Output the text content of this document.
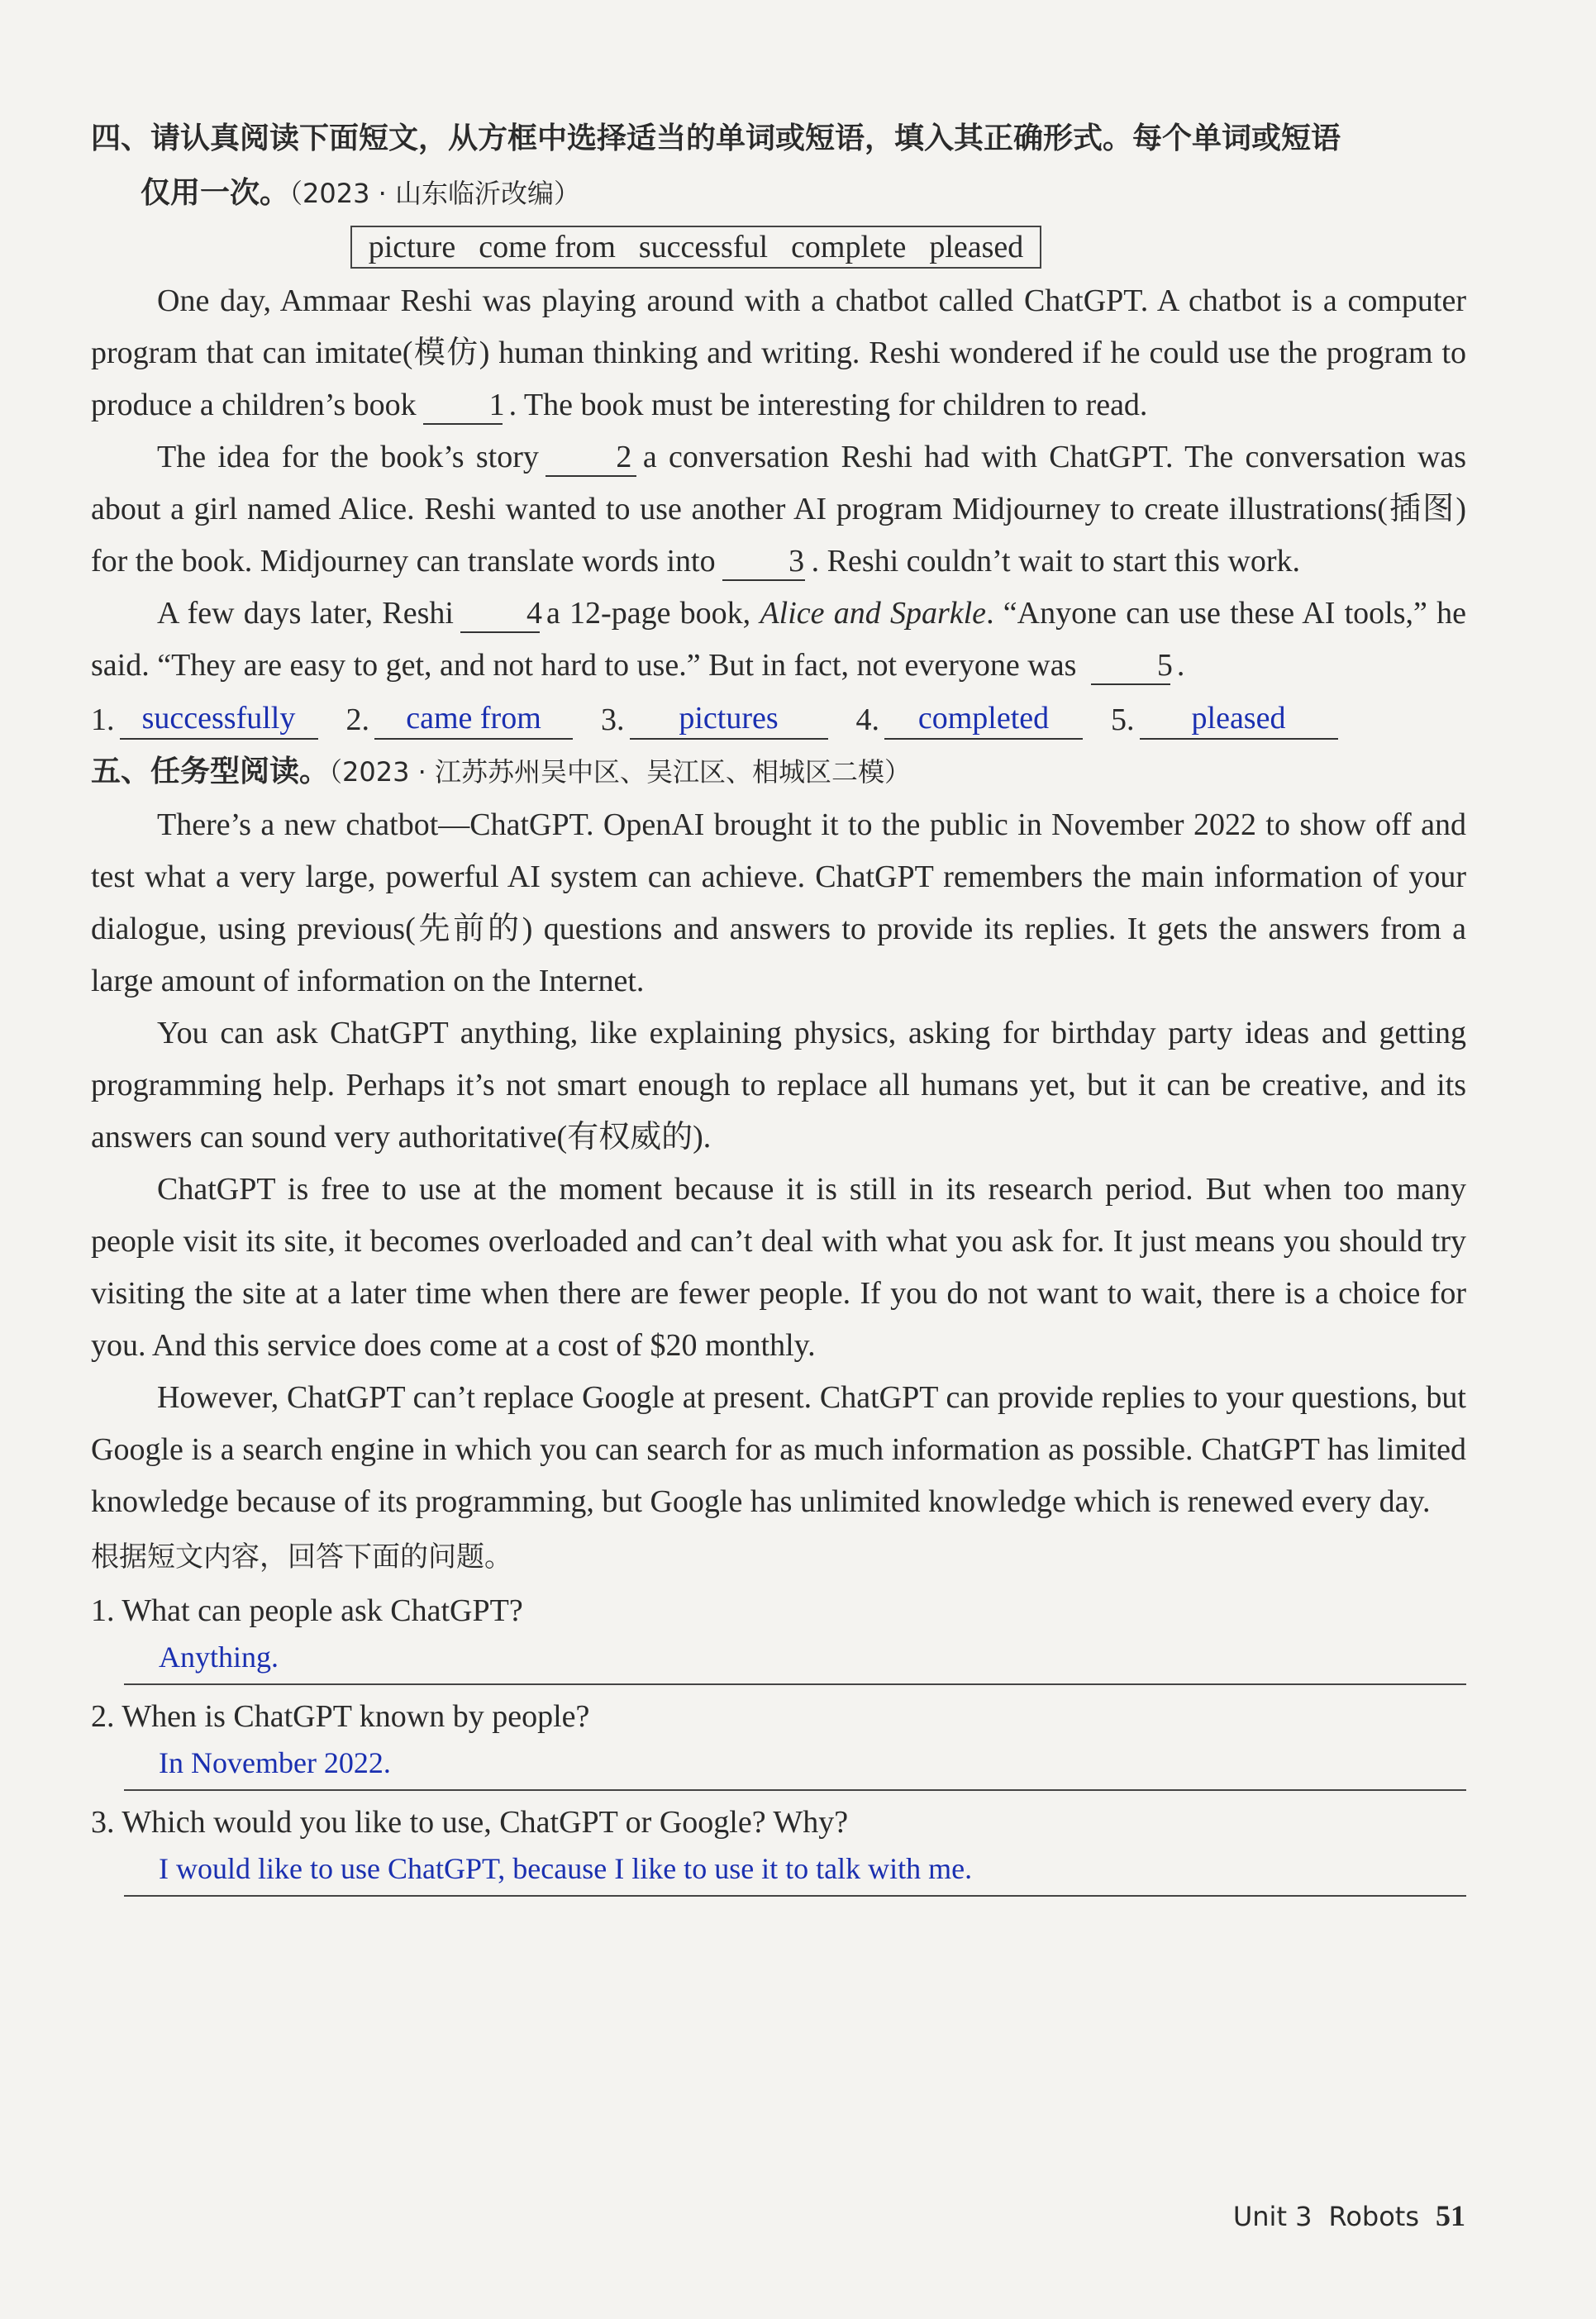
四、请认真阅读下面短文，从方框中选择适当的单词或短语，填入其正确形式。每个单词或短语
仅用一次。（2023 · 山东临沂改编）
picture come from successful complete pleased

One day, Ammaar Reshi was playing around with a chatbot called ChatGPT. A chatbot is a computer program that can imitate(模仿) human thinking and writing. Reshi wondered if he could use the program to produce a children’s book 1 . The book must be interesting for children to read.

The idea for the book’s story 2 a conversation Reshi had with ChatGPT. The conversation was about a girl named Alice. Reshi wanted to use another AI program Midjourney to create illustrations(插图) for the book. Midjourney can translate words into 3 . Reshi couldn’t wait to start this work.

A few days later, Reshi 4 a 12-page book, Alice and Sparkle. “Anyone can use these AI tools,” he said. “They are easy to get, and not hard to use.” But in fact, not everyone was	5 .

1. successfully	2.	came from	3.	pictures	4.	completed	5.	pleased
五、任务型阅读。（2023 · 江苏苏州吴中区、吴江区、相城区二模）

There’s a new chatbot—ChatGPT. OpenAI brought it to the public in November 2022 to show off and test what a very large, powerful AI system can achieve. ChatGPT remembers the main information of your dialogue, using previous(先前的) questions and answers to provide its replies. It gets the answers from a large amount of information on the Internet.

You can ask ChatGPT anything, like explaining physics, asking for birthday party ideas and getting programming help. Perhaps it’s not smart enough to replace all humans yet, but it can be creative, and its answers can sound very authoritative(有权威的).

ChatGPT is free to use at the moment because it is still in its research period. But when too many people visit its site, it becomes overloaded and can’t deal with what you ask for. It just means you should try visiting the site at a later time when there are fewer people. If you do not want to wait, there is a choice for you. And this service does come at a cost of $20 monthly.

However, ChatGPT can’t replace Google at present. ChatGPT can provide replies to your questions, but Google is a search engine in which you can search for as much information as possible. ChatGPT has limited knowledge because of its programming, but Google has unlimited knowledge which is renewed every day.

根据短文内容，回答下面的问题。
1. What can people ask ChatGPT?
Anything.
2. When is ChatGPT known by people?
In November 2022.
3. Which would you like to use, ChatGPT or Google? Why?
I would like to use ChatGPT, because I like to use it to talk with me.
Unit 3 Robots 51
